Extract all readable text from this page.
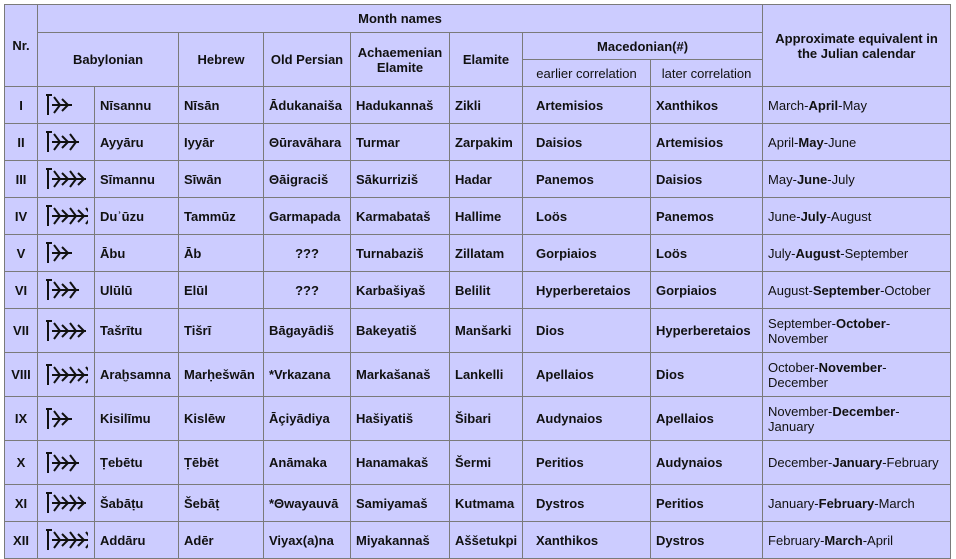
Nr.	Month names								Approximate equivalent in the Julian calendar
	Babylonian		Hebrew	Old Persian	Achaemenian Elamite	Elamite	Macedonian(#)		
							earlier correlation	later correlation	
I		Nīsannu	Nīsān	Ādukanaiša	Hadukannaš	Zikli	Artemisios	Xanthikos	March-April-May
II		Ayyāru	Iyyār	Θūravāhara	Turmar	Zarpakim	Daisios	Artemisios	April-May-June
III		Sīmannu	Sīwān	Θāigraciš	Sākurriziš	Hadar	Panemos	Daisios	May-June-July
IV		Duʾūzu	Tammūz	Garmapada	Karmabataš	Hallime	Loös	Panemos	June-July-August
V		Ābu	Āb	???	Turnabaziš	Zillatam	Gorpiaios	Loös	July-August-September
VI		Ulūlū	Elūl	???	Karbašiyaš	Belilit	Hyperberetaios	Gorpiaios	August-September-October
VII		Tašrītu	Tišrī	Bāgayādiš	Bakeyatiš	Manšarki	Dios	Hyperberetaios	September-October-November
VIII		Araḫsamna	Marḥešwān	*Vrkazana	Markašanaš	Lankelli	Apellaios	Dios	October-November-December
IX		Kisilīmu	Kislēw	Āçiyādiya	Hašiyatiš	Šibari	Audynaios	Apellaios	November-December-January
X		Ṭebētu	Ṭēbēt	Anāmaka	Hanamakaš	Šermi	Peritios	Audynaios	December-January-February
XI		Šabāṭu	Šebāṭ	*Θwayauvā	Samiyamaš	Kutmama	Dystros	Peritios	January-February-March
XII		Addāru	Adēr	Viyax(a)na	Miyakannaš	Aššetukpi	Xanthikos	Dystros	February-March-April
